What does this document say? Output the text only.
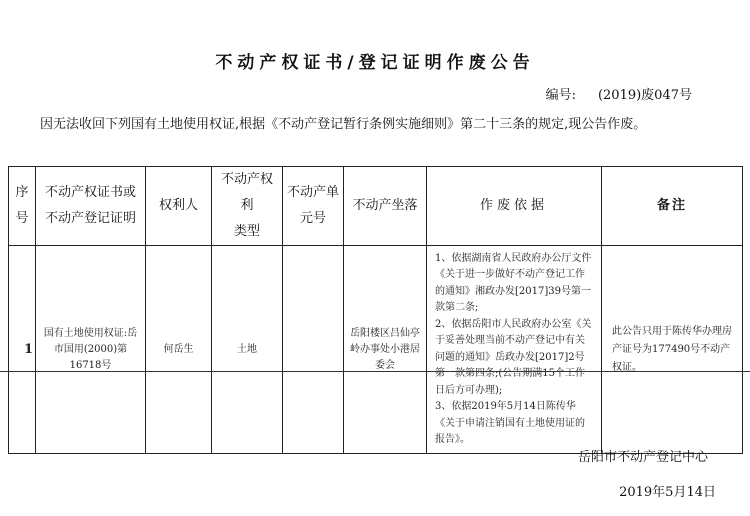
不动产权证书/登记证明作废公告
编号: (2019)废047号
因无法收回下列国有土地使用权证,根据《不动产登记暂行条例实施细则》第二十三条的规定,现公告作废。
序
号	不动产权证书或
不动产登记证明	权利人	不动产权利
类型	不动产单
元号	不动产坐落	作废依据	备注
1	国有土地使用权证:岳市国用(2000)第16718号	何岳生	土地		岳阳楼区吕仙亭岭办事处小港居委会	1、依据湖南省人民政府办公厅文件《关于进一步做好不动产登记工作的通知》湘政办发[2017]39号第一款第二条;

2、依据岳阳市人民政府办公室《关于妥善处理当前不动产登记中有关问题的通知》岳政办发[2017]2号第一款第四条;(公告期满15个工作日后方可办理);

3、依据2019年5月14日陈传华《关于申请注销国有土地使用证的报告》。	此公告只用于陈传华办理房产证号为177490号不动产权证。
岳阳市不动产登记中心
2019年5月14日
